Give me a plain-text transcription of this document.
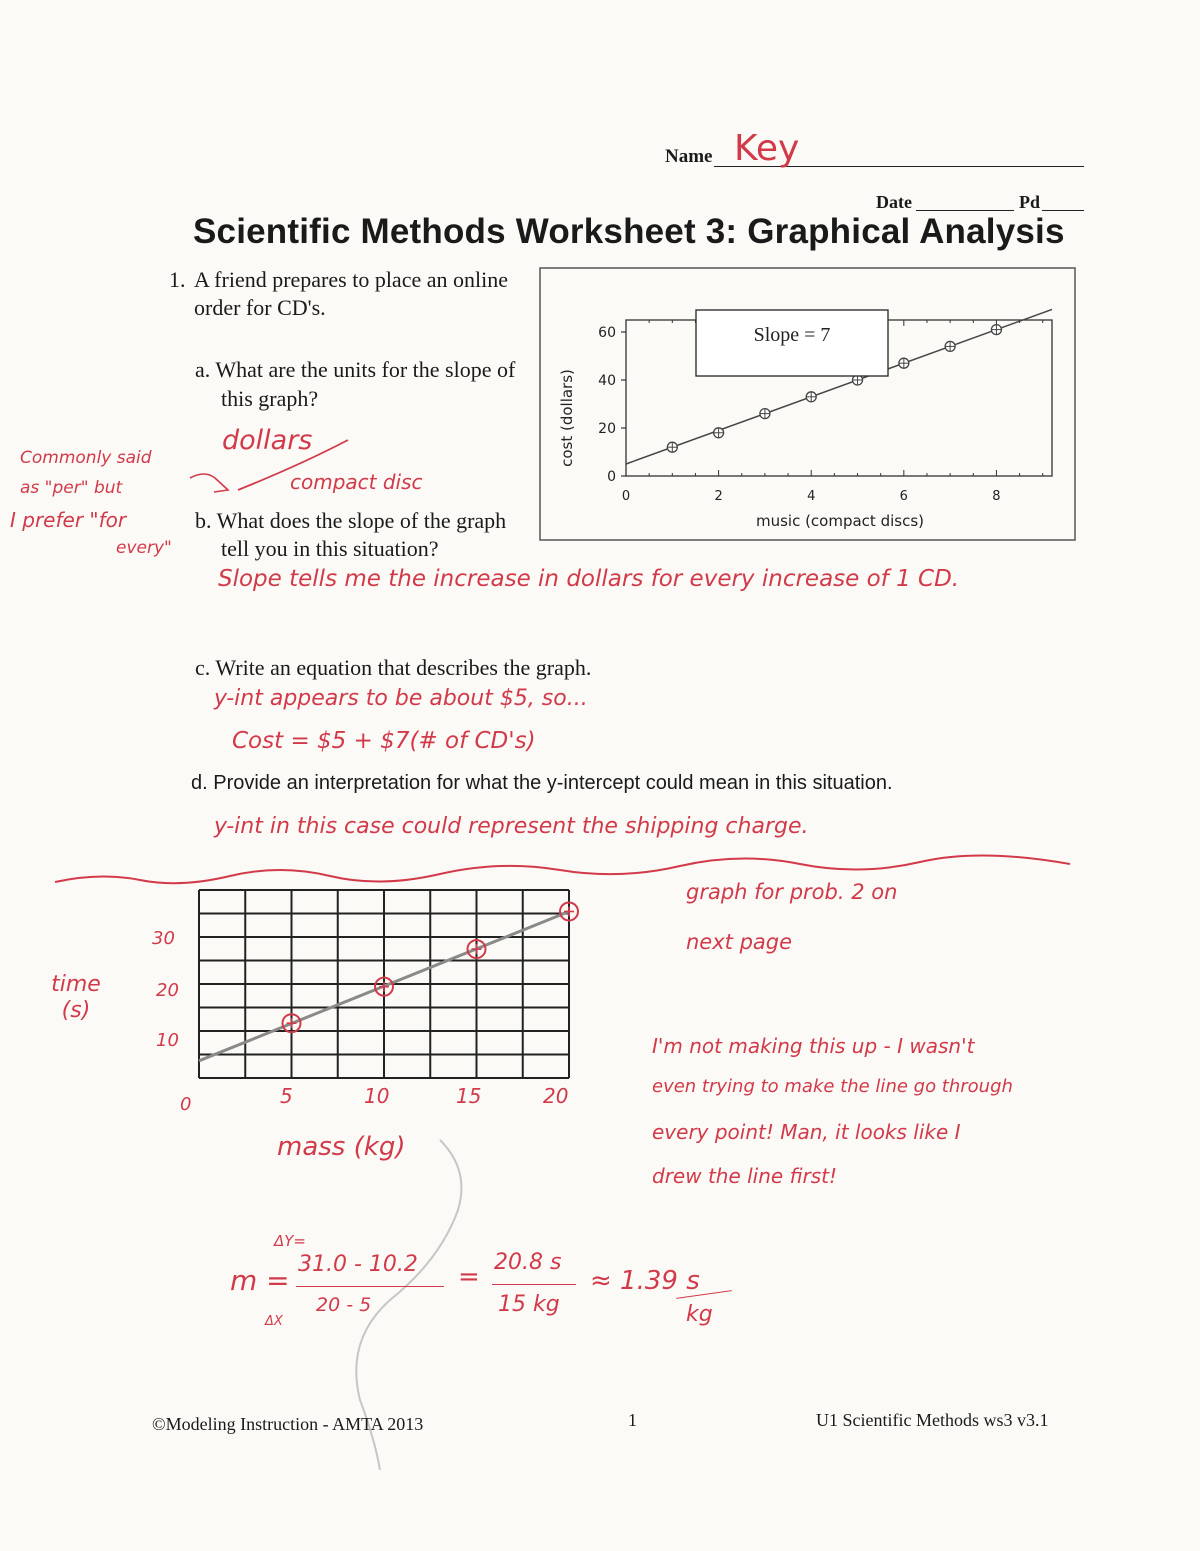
Name Key
Date	Pd
Scientific Methods Worksheet 3: Graphical Analysis
1. A friend prepares to place an online
order for CD's.
a. What are the units for the slope of
this graph?
dollars
compact disc
Commonly said
as "per" but
I prefer "for
every"
b. What does the slope of the graph
tell you in this situation?
Slope tells me the increase in dollars for every increase of 1 CD.
0	2	4	6	8
0
20
40
60	Slope = 7
cost (dollars)
music (compact discs)
c. Write an equation that describes the graph.
y-int appears to be about $5, so...
Cost = $5 + $7(# of CD's)
d. Provide an interpretation for what the y-intercept could mean in this situation.
y-int in this case could represent the shipping charge.
30
20
10
0	5	10	15	20
time (s)
mass (kg)
graph for prob. 2 on
next page
I'm not making this up - I wasn't
even trying to make the line go through
every point! Man, it looks like I
drew the line first!
ΔY=
m = 31.0 - 10.2
20 - 5
ΔX
= 20.8 s
15 kg
≈ 1.39 s
kg
©Modeling Instruction - AMTA 2013	1	U1 Scientific Methods ws3 v3.1
